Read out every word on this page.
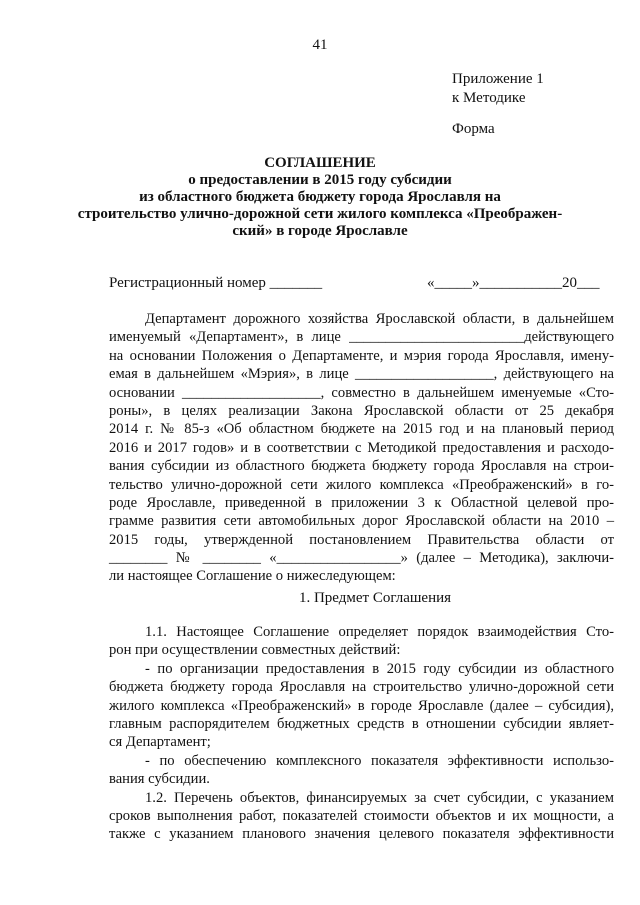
41
Приложение 1
к Методике
Форма
СОГЛАШЕНИЕ
о предоставлении в 2015 году субсидии
из областного бюджета бюджету города Ярославля на
строительство улично-дорожной сети жилого комплекса «Преображен-
ский» в городе Ярославле
Регистрационный номер _______	«_____»___________20___
Департамент дорожного хозяйства Ярославской области, в дальнейшем
именуемый «Департамент», в лице ________________________действующего
на основании Положения о Департаменте, и мэрия города Ярославля, имену-
емая в дальнейшем «Мэрия», в лице ___________________, действующего на
основании ___________________, совместно в дальнейшем именуемые «Сто-
роны», в целях реализации Закона Ярославской области от 25 декабря
2014 г. № 85-з «Об областном бюджете на 2015 год и на плановый период
2016 и 2017 годов» и в соответствии с Методикой предоставления и расходо-
вания субсидии из областного бюджета бюджету города Ярославля на строи-
тельство улично-дорожной сети жилого комплекса «Преображенский» в го-
роде Ярославле, приведенной в приложении 3 к Областной целевой про-
грамме развития сети автомобильных дорог Ярославской области на 2010 –
2015 годы, утвержденной постановлением Правительства области от
________ № ________ «_________________» (далее – Методика), заключи-
ли настоящее Соглашение о нижеследующем:
1. Предмет Соглашения
1.1. Настоящее Соглашение определяет порядок взаимодействия Сто-
рон при осуществлении совместных действий:
- по организации предоставления в 2015 году субсидии из областного
бюджета бюджету города Ярославля на строительство улично-дорожной сети
жилого комплекса «Преображенский» в городе Ярославле (далее – субсидия),
главным распорядителем бюджетных средств в отношении субсидии являет-
ся Департамент;
- по обеспечению комплексного показателя эффективности использо-
вания субсидии.
1.2. Перечень объектов, финансируемых за счет субсидии, с указанием
сроков выполнения работ, показателей стоимости объектов и их мощности, а
также с указанием планового значения целевого показателя эффективности
